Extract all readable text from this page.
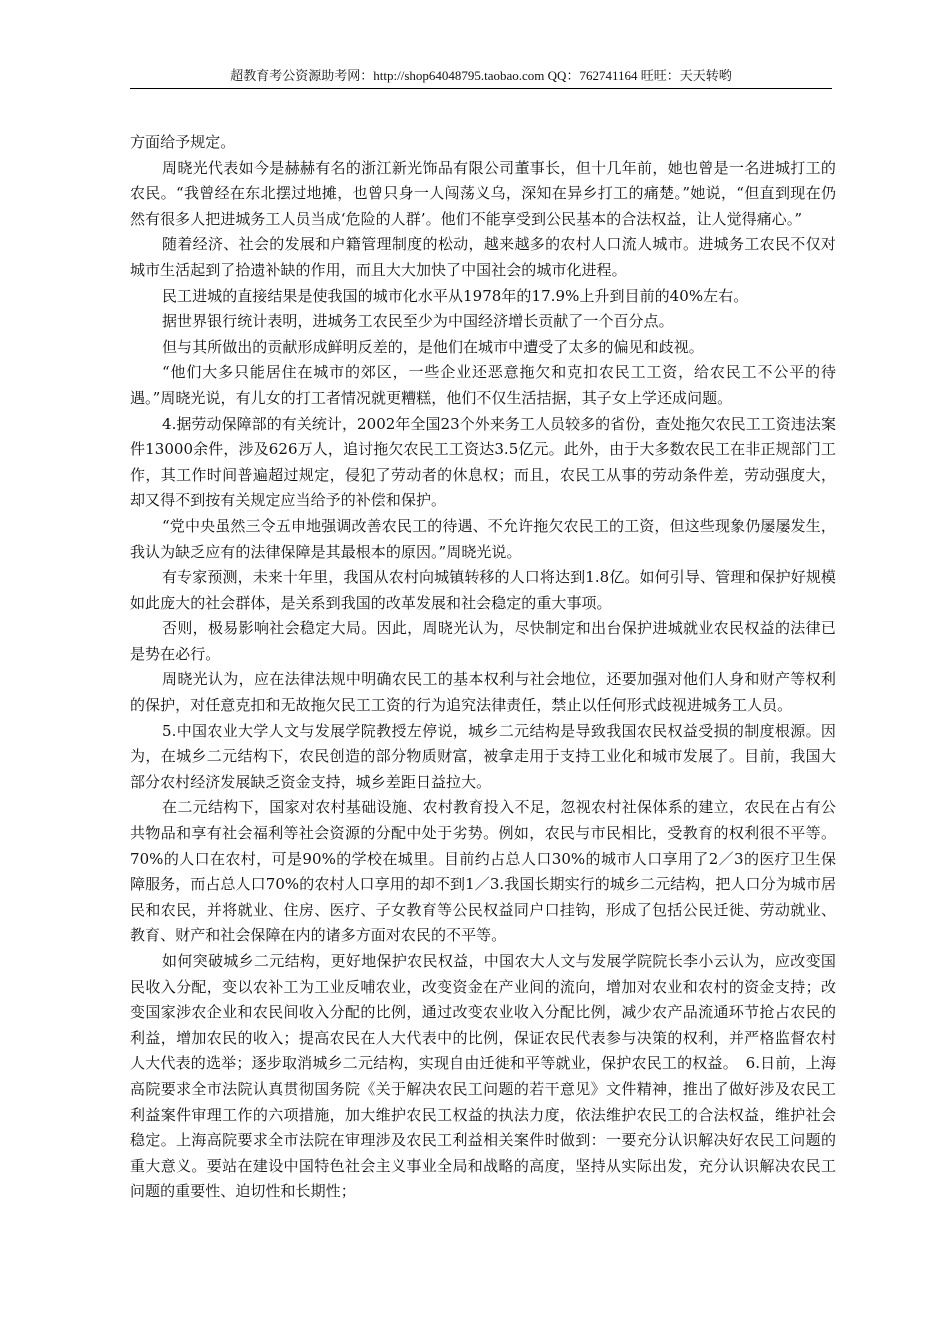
超教育考公资源助考网：http://shop64048795.taobao.com QQ：762741164 旺旺：天天转哟

方面给予规定。

周晓光代表如今是赫赫有名的浙江新光饰品有限公司董事长，但十几年前，她也曾是一名进城打工的农民。“我曾经在东北摆过地摊，也曾只身一人闯荡义乌，深知在异乡打工的痛楚。”她说，“但直到现在仍然有很多人把进城务工人员当成‘危险的人群’。他们不能享受到公民基本的合法权益，让人觉得痛心。”

随着经济、社会的发展和户籍管理制度的松动，越来越多的农村人口流人城市。进城务工农民不仅对城市生活起到了拾遗补缺的作用，而且大大加快了中国社会的城市化进程。

民工进城的直接结果是使我国的城市化水平从1978年的17.9%上升到目前的40%左右。

据世界银行统计表明，进城务工农民至少为中国经济增长贡献了一个百分点。

但与其所做出的贡献形成鲜明反差的，是他们在城市中遭受了太多的偏见和歧视。

“他们大多只能居住在城市的郊区，一些企业还恶意拖欠和克扣农民工工资，给农民工不公平的待遇。”周晓光说，有儿女的打工者情况就更糟糕，他们不仅生活拮据，其子女上学还成问题。

4.据劳动保障部的有关统计，2002年全国23个外来务工人员较多的省份，查处拖欠农民工工资违法案件13000余件，涉及626万人，追讨拖欠农民工工资达3.5亿元。此外，由于大多数农民工在非正规部门工作，其工作时间普遍超过规定，侵犯了劳动者的休息权；而且，农民工从事的劳动条件差，劳动强度大，却又得不到按有关规定应当给予的补偿和保护。

“党中央虽然三令五申地强调改善农民工的待遇、不允许拖欠农民工的工资，但这些现象仍屡屡发生，我认为缺乏应有的法律保障是其最根本的原因。”周晓光说。

有专家预测，未来十年里，我国从农村向城镇转移的人口将达到1.8亿。如何引导、管理和保护好规模如此庞大的社会群体，是关系到我国的改革发展和社会稳定的重大事项。

否则，极易影响社会稳定大局。因此，周晓光认为，尽快制定和出台保护进城就业农民权益的法律已是势在必行。

周晓光认为，应在法律法规中明确农民工的基本权利与社会地位，还要加强对他们人身和财产等权利的保护，对任意克扣和无故拖欠民工工资的行为追究法律责任，禁止以任何形式歧视进城务工人员。

5.中国农业大学人文与发展学院教授左停说，城乡二元结构是导致我国农民权益受损的制度根源。因为，在城乡二元结构下，农民创造的部分物质财富，被拿走用于支持工业化和城市发展了。目前，我国大部分农村经济发展缺乏资金支持，城乡差距日益拉大。

在二元结构下，国家对农村基础设施、农村教育投入不足，忽视农村社保体系的建立，农民在占有公共物品和享有社会福利等社会资源的分配中处于劣势。例如，农民与市民相比，受教育的权利很不平等。70%的人口在农村，可是90%的学校在城里。目前约占总人口30%的城市人口享用了2／3的医疗卫生保障服务，而占总人口70%的农村人口享用的却不到1／3.我国长期实行的城乡二元结构，把人口分为城市居民和农民，并将就业、住房、医疗、子女教育等公民权益同户口挂钩，形成了包括公民迁徙、劳动就业、教育、财产和社会保障在内的诸多方面对农民的不平等。

如何突破城乡二元结构，更好地保护农民权益，中国农大人文与发展学院院长李小云认为，应改变国民收入分配，变以农补工为工业反哺农业，改变资金在产业间的流向，增加对农业和农村的资金支持；改变国家涉农企业和农民间收入分配的比例，通过改变农业收入分配比例，减少农产品流通环节抢占农民的利益，增加农民的收入；提高农民在人大代表中的比例，保证农民代表参与决策的权利，并严格监督农村人大代表的选举；逐步取消城乡二元结构，实现自由迁徙和平等就业，保护农民工的权益。　6.日前，上海高院要求全市法院认真贯彻国务院《关于解决农民工问题的若干意见》文件精神，推出了做好涉及农民工利益案件审理工作的六项措施，加大维护农民工权益的执法力度，依法维护农民工的合法权益，维护社会稳定。上海高院要求全市法院在审理涉及农民工利益相关案件时做到：一要充分认识解决好农民工问题的重大意义。要站在建设中国特色社会主义事业全局和战略的高度，坚持从实际出发，充分认识解决农民工问题的重要性、迫切性和长期性；
